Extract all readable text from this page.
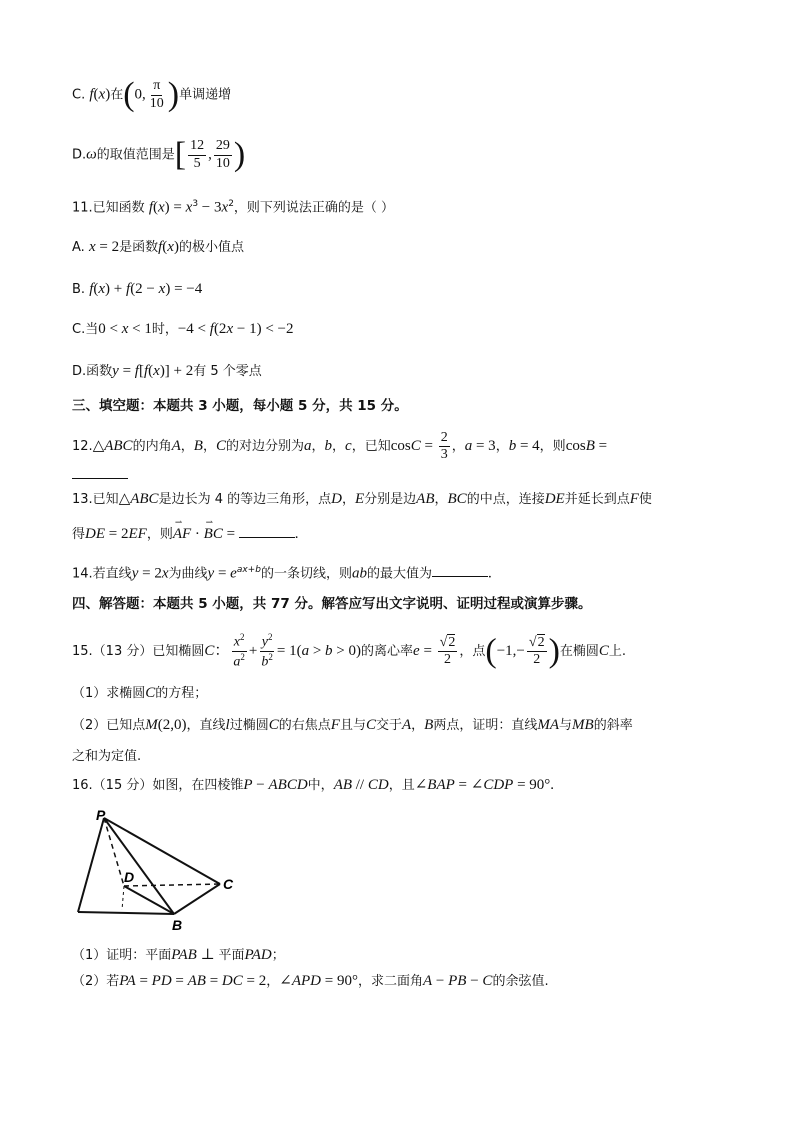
C. f(x)在(0, $\frac{\pi}{10}$ )单调递增
D.ω的取值范围是[ $\frac{12}{5}$ , $\frac{29}{10}$ )
11.已知函数 $f(x) = x^3 - 3x^2$，则下列说法正确的是（ ）
A. x = 2是函数f(x)的极小值点
B. f(x) + f(2 − x) = −4
C.当0 < x < 1时，−4 < f(2x − 1) < −2
D.函数y = f[f(x)] + 2有 5 个零点
三、填空题：本题共 3 小题，每小题 5 分，共 15 分。
12.△ABC的内角A，B，C的对边分别为a，b，c，已知$\cos C = \frac{2}{3}$ ，a = 3，b = 4，则cosB =
13.已知△ABC是边长为 4 的等边三角形，点D，E分别是边AB，BC的中点，连接DE并延长到点F使
得DE = 2EF，则⇀ AF · ⇀ BC =	.
14.若直线y = 2x为曲线$y = e^{ax+b}$的一条切线，则ab的最大值为	.
四、解答题：本题共 5 小题，共 77 分。解答应写出文字说明、证明过程或演算步骤。
15.（13 分）已知椭圆C： $\frac{x^2}{a^2} + \frac{y^2}{b^2} = 1(a > b > 0)$的离心率$e = \frac{√2}{2}$ ，点($-1,- \frac{√2}{2}$ )在椭圆C上.
（1）求椭圆C的方程；
（2）已知点M(2,0)，直线l过椭圆C的右焦点F且与C交于A，B两点，证明：直线MA与MB的斜率
之和为定值.
16.（15 分）如图，在四棱锥P − ABCD中，AB // CD，且∠BAP = ∠CDP = 90°.
P
D	C
B
（1）证明：平面PAB ⊥ 平面PAD；
（2）若PA = PD = AB = DC = 2，∠APD = 90°，求二面角A − PB − C的余弦值.
